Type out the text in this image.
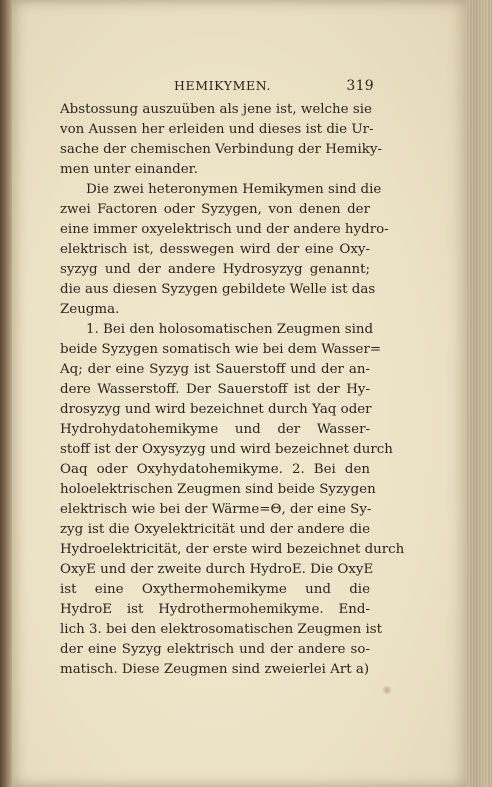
HEMIKYMEN.	319
Abstossung auszuüben als jene ist, welche sie
von Aussen her erleiden und dieses ist die Ur-
sache der chemischen Verbindung der Hemiky-
men unter einander.
Die zwei heteronymen Hemikymen sind die
zwei Factoren oder Syzygen, von denen der
eine immer oxyelektrisch und der andere hydro-
elektrisch ist, desswegen wird der eine Oxy-
syzyg und der andere Hydrosyzyg genannt;
die aus diesen Syzygen gebildete Welle ist das
Zeugma.
1. Bei den holosomatischen Zeugmen sind
beide Syzygen somatisch wie bei dem Wasser=
Aq; der eine Syzyg ist Sauerstoff und der an-
dere Wasserstoff. Der Sauerstoff ist der Hy-
drosyzyg und wird bezeichnet durch Yaq oder
Hydrohydatohemikyme und der Wasser-
stoff ist der Oxysyzyg und wird bezeichnet durch
Oaq oder Oxyhydatohemikyme. 2. Bei den
holoelektrischen Zeugmen sind beide Syzygen
elektrisch wie bei der Wärme=Θ, der eine Sy-
zyg ist die Oxyelektricität und der andere die
Hydroelektricität, der erste wird bezeichnet durch
OxyE und der zweite durch HydroE. Die OxyE
ist eine Oxythermohemikyme und die
HydroE ist Hydrothermohemikyme. End-
lich 3. bei den elektrosomatischen Zeugmen ist
der eine Syzyg elektrisch und der andere so-
matisch. Diese Zeugmen sind zweierlei Art a)
